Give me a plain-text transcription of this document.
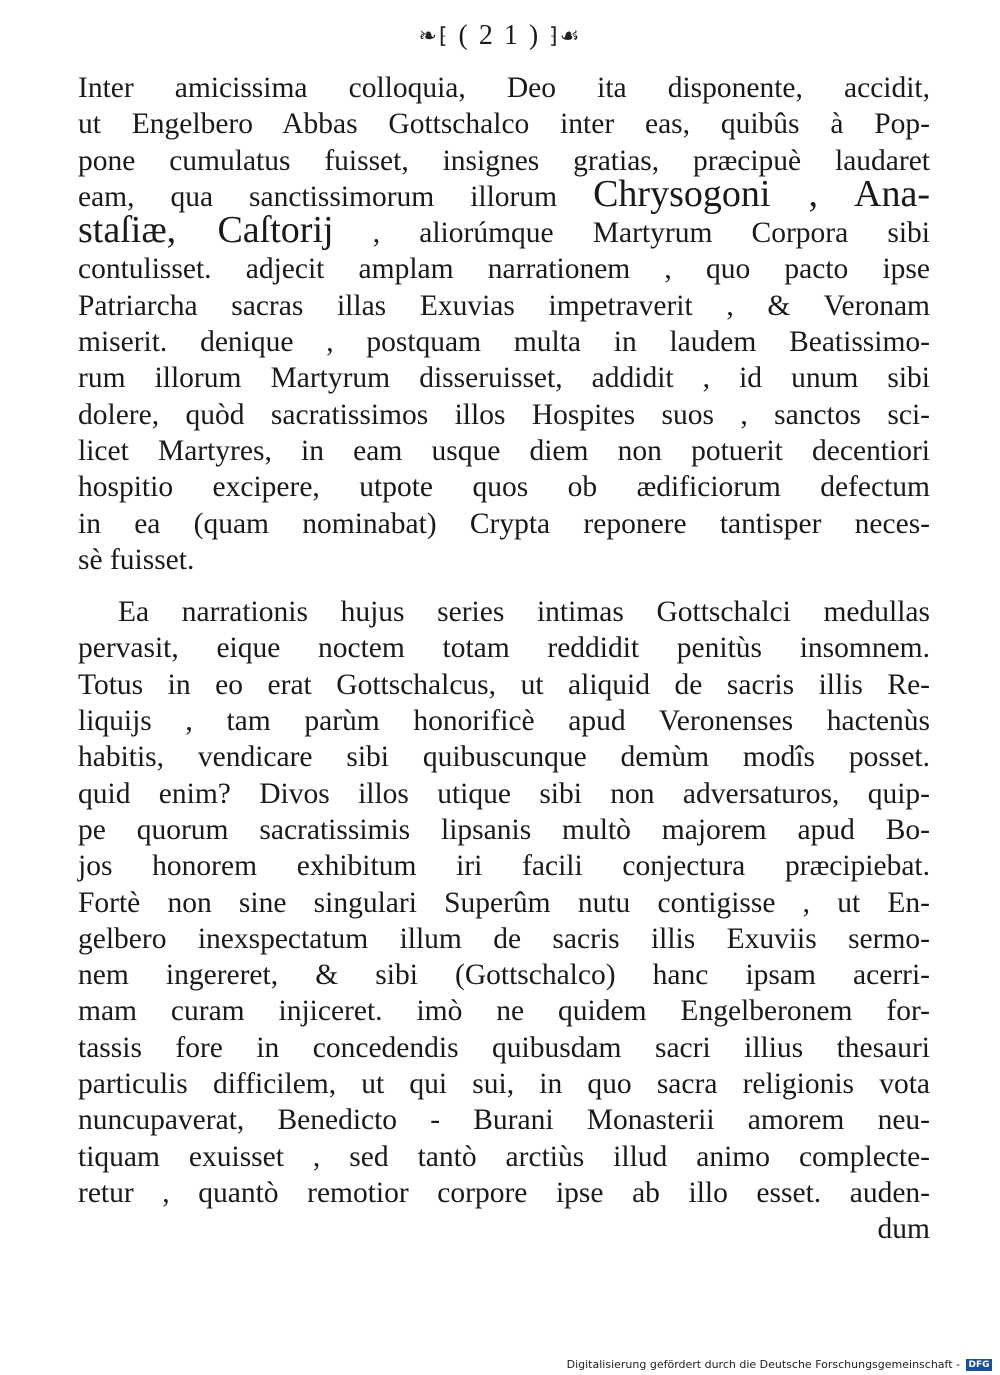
❧⁅ ( 2 1 ) ⁆☙
Inter amicissima colloquia, Deo ita disponente, accidit,
ut Engelbero Abbas Gottschalco inter eas, quibûs à Pop-
pone cumulatus fuisset, insignes gratias, præcipuè laudaret
eam, qua sanctissimorum illorum Chrysogoni , Ana-
staſiæ, Caſtorij , aliorúmque Martyrum Corpora sibi
contulisset. adjecit amplam narrationem , quo pacto ipse
Patriarcha sacras illas Exuvias impetraverit , & Veronam
miserit. denique , postquam multa in laudem Beatissimo-
rum illorum Martyrum disseruisset, addidit , id unum sibi
dolere, quòd sacratissimos illos Hospites suos , sanctos sci-
licet Martyres, in eam usque diem non potuerit decentiori
hospitio excipere, utpote quos ob ædificiorum defectum
in ea (quam nominabat) Crypta reponere tantisper neces-
sè fuisset.
Ea narrationis hujus series intimas Gottschalci medullas
pervasit, eique noctem totam reddidit penitùs insomnem.
Totus in eo erat Gottschalcus, ut aliquid de sacris illis Re-
liquijs , tam parùm honorificè apud Veronenses hactenùs
habitis, vendicare sibi quibuscunque demùm modîs posset.
quid enim? Divos illos utique sibi non adversaturos, quip-
pe quorum sacratissimis lipsanis multò majorem apud Bo-
jos honorem exhibitum iri facili conjectura præcipiebat.
Fortè non sine singulari Superûm nutu contigisse , ut En-
gelbero inexspectatum illum de sacris illis Exuviis sermo-
nem ingereret, & sibi (Gottschalco) hanc ipsam acerri-
mam curam injiceret. imò ne quidem Engelberonem for-
tassis fore in concedendis quibusdam sacri illius thesauri
particulis difficilem, ut qui sui, in quo sacra religionis vota
nuncupaverat, Benedicto - Burani Monasterii amorem neu-
tiquam exuisset , sed tantò arctiùs illud animo complecte-
retur , quantò remotior corpore ipse ab illo esset. auden-
dum
Digitalisierung gefördert durch die Deutsche Forschungsgemeinschaft - DFG
